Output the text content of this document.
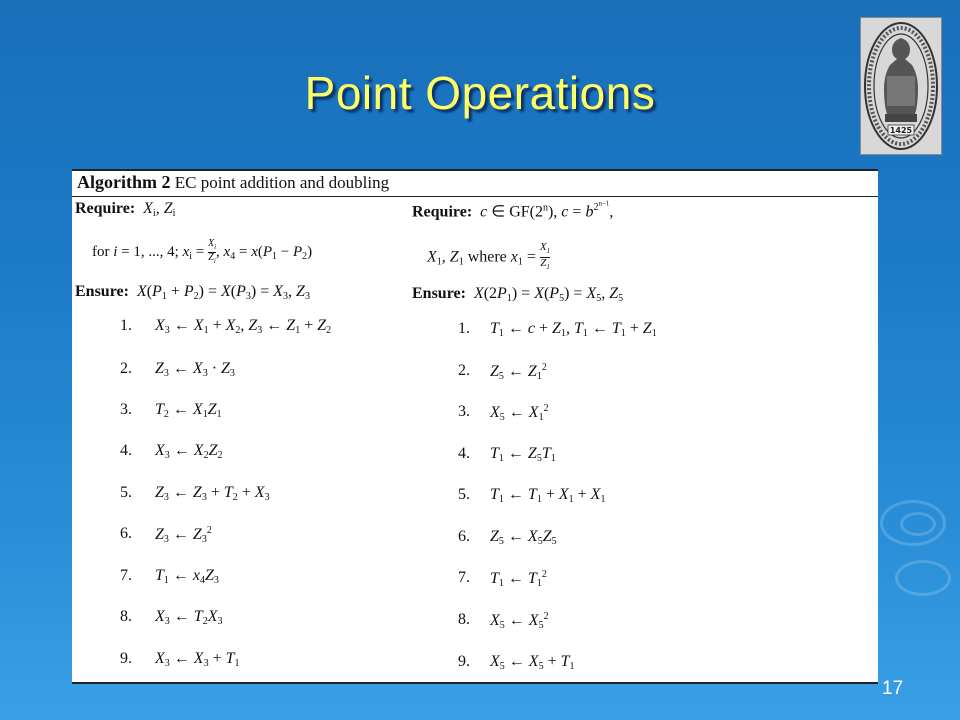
Point Operations
1425
Algorithm 2 EC point addition and doubling
Require: Xi, Zi
for i = 1, ..., 4; $x_i = \frac{X_i}{Z_i}$ , $x_4 = x(P_1 - P_2)$
Ensure: X(P1 + P2) = X(P3) = X3, Z3
1. X3 ← X1 + X2, Z3 ← Z1 + Z2
2. Z3 ← X3 · Z3
3. T2 ← X1Z1
4. X3 ← X2Z2
5. Z3 ← Z3 + T2 + X3
6. Z3 ← $Z3^2$
7. T1 ← x4Z3
8. X3 ← T2X3
9. X3 ← X3 + T1
Require: c ∈ GF(2$^n$), $c = b^{2^{n-1}}$,
X1, Z1 where $x1 = \frac{X_1}{Z_1}$
Ensure: X(2P1) = X(P5) = X5, Z5
1. T1 ← c + Z1, T1 ← T1 + Z1
2. Z5 ← $Z1^2$
3. X5 ← $X1^2$
4. T1 ← Z5T1
5. T1 ← T1 + X1 + X1
6. Z5 ← X5Z5
7. T1 ← $T1^2$
8. X5 ← $X5^2$
9. X5 ← X5 + T1
17
